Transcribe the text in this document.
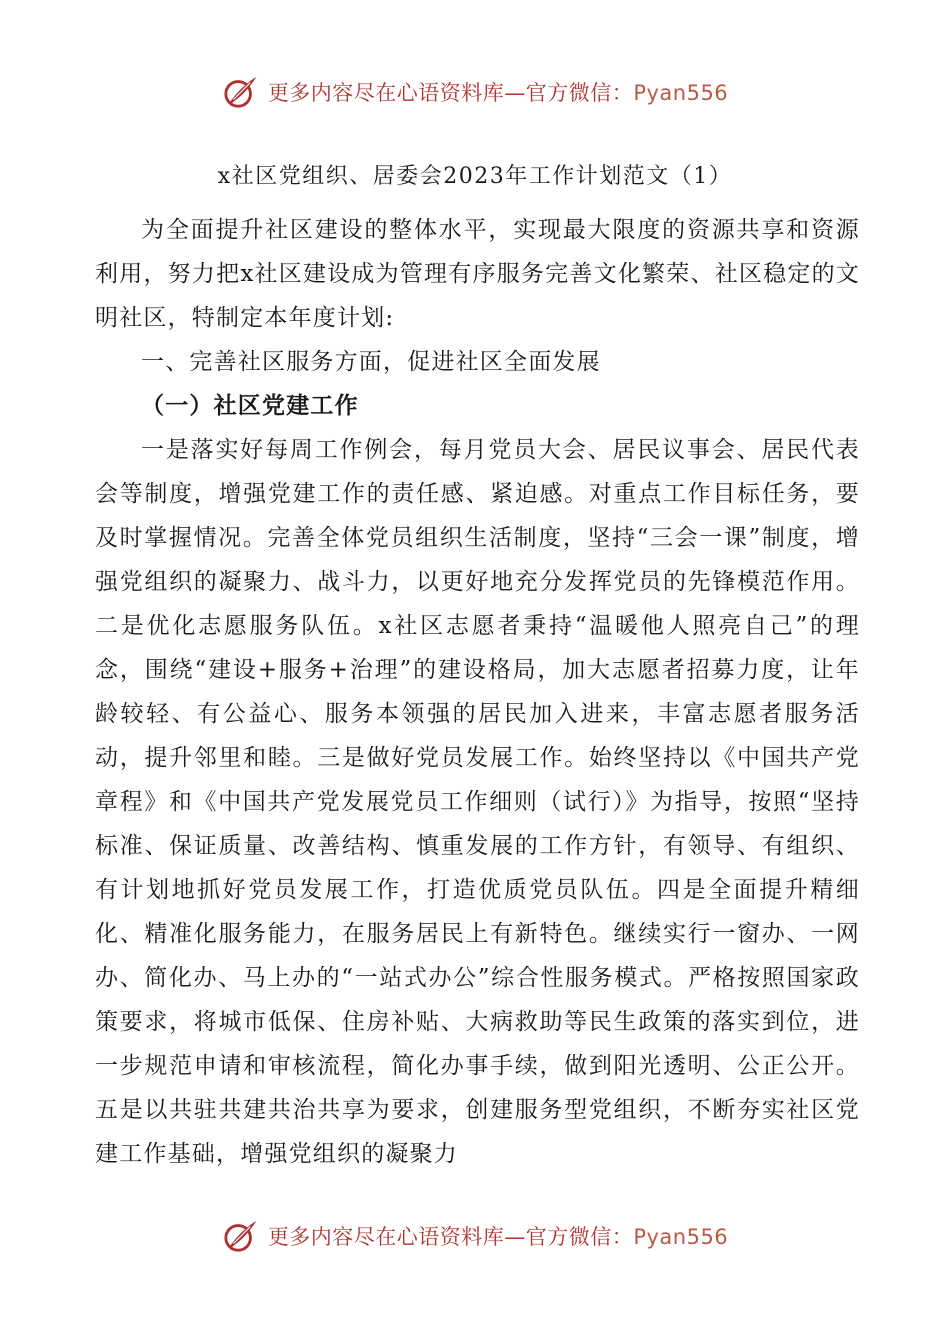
更多内容尽在心语资料库—官方微信：Pyan556
x社区党组织、居委会2023年工作计划范文（1）

为全面提升社区建设的整体水平，实现最大限度的资源共享和资源利用，努力把x社区建设成为管理有序服务完善文化繁荣、社区稳定的文明社区，特制定本年度计划:

一、完善社区服务方面，促进社区全面发展

（一）社区党建工作

一是落实好每周工作例会，每月党员大会、居民议事会、居民代表会等制度，增强党建工作的责任感、紧迫感。对重点工作目标任务，要及时掌握情况。完善全体党员组织生活制度，坚持“三会一课”制度，增强党组织的凝聚力、战斗力，以更好地充分发挥党员的先锋模范作用。二是优化志愿服务队伍。x社区志愿者秉持“温暖他人照亮自己”的理念，围绕“建设+服务+治理”的建设格局，加大志愿者招募力度，让年龄较轻、有公益心、服务本领强的居民加入进来，丰富志愿者服务活动，提升邻里和睦。三是做好党员发展工作。始终坚持以《中国共产党章程》和《中国共产党发展党员工作细则（试行）》为指导，按照“坚持标准、保证质量、改善结构、慎重发展的工作方针，有领导、有组织、有计划地抓好党员发展工作，打造优质党员队伍。四是全面提升精细化、精准化服务能力，在服务居民上有新特色。继续实行一窗办、一网办、简化办、马上办的“一站式办公”综合性服务模式。严格按照国家政策要求，将城市低保、住房补贴、大病救助等民生政策的落实到位，进一步规范申请和审核流程，简化办事手续，做到阳光透明、公正公开。五是以共驻共建共治共享为要求，创建服务型党组织，不断夯实社区党建工作基础，增强党组织的凝聚力

更多内容尽在心语资料库—官方微信：Pyan556
